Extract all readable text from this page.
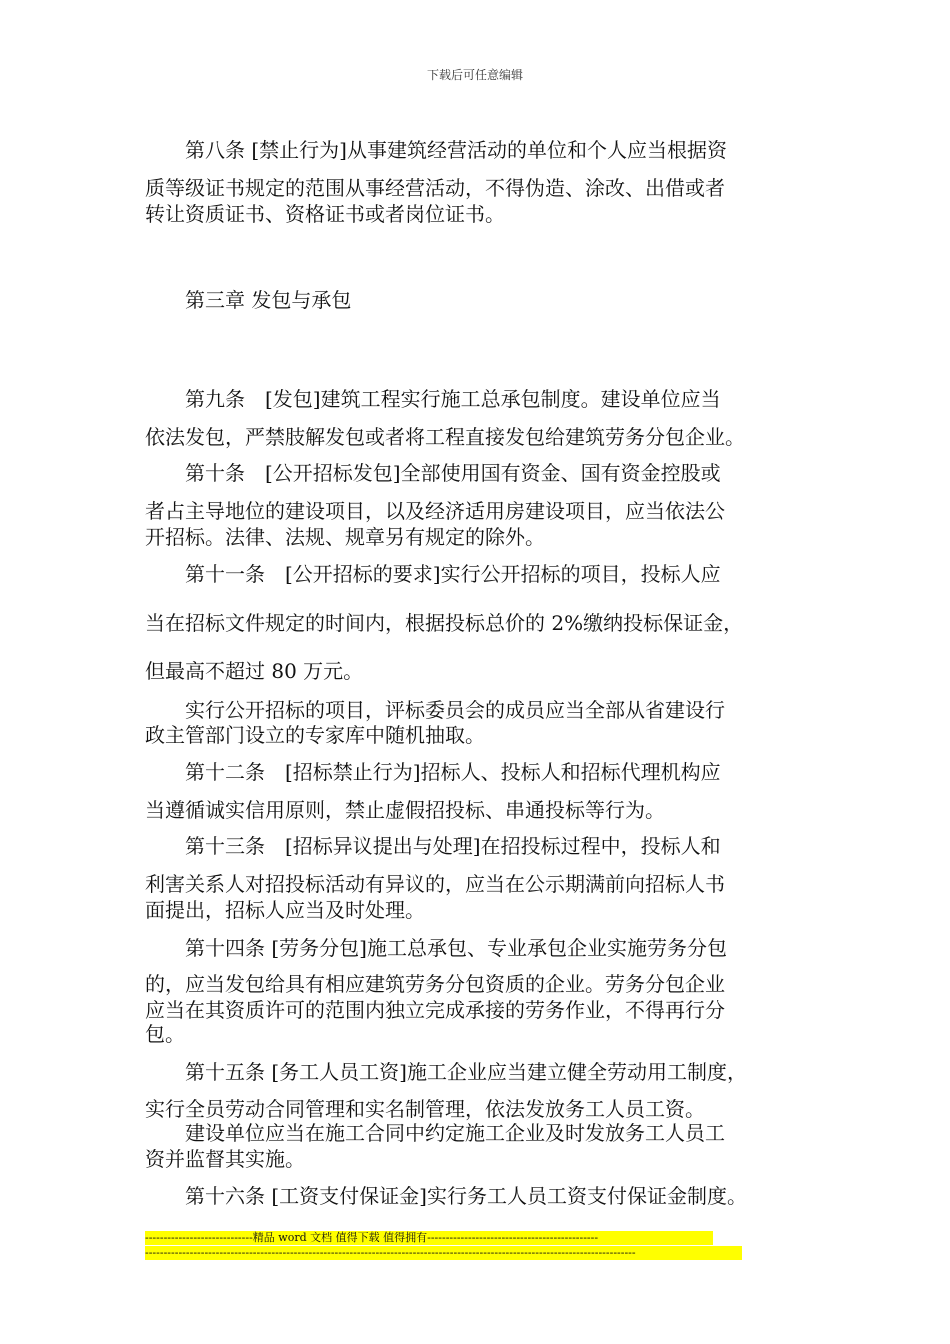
下载后可任意编辑
　　第八条 [禁止行为]从事建筑经营活动的单位和个人应当根据资
质等级证书规定的范围从事经营活动，不得伪造、涂改、出借或者
转让资质证书、资格证书或者岗位证书。
　　第三章 发包与承包
　　第九条　[发包]建筑工程实行施工总承包制度。建设单位应当
依法发包，严禁肢解发包或者将工程直接发包给建筑劳务分包企业。
　　第十条　[公开招标发包]全部使用国有资金、国有资金控股或
者占主导地位的建设项目，以及经济适用房建设项目，应当依法公
开招标。法律、法规、规章另有规定的除外。
　　第十一条　[公开招标的要求]实行公开招标的项目，投标人应
当在招标文件规定的时间内，根据投标总价的 2%缴纳投标保证金，
但最高不超过 80 万元。
　　实行公开招标的项目，评标委员会的成员应当全部从省建设行
政主管部门设立的专家库中随机抽取。
　　第十二条　[招标禁止行为]招标人、投标人和招标代理机构应
当遵循诚实信用原则，禁止虚假招投标、串通投标等行为。
　　第十三条　[招标异议提出与处理]在招投标过程中，投标人和
利害关系人对招投标活动有异议的，应当在公示期满前向招标人书
面提出，招标人应当及时处理。
　　第十四条 [劳务分包]施工总承包、专业承包企业实施劳务分包
的，应当发包给具有相应建筑劳务分包资质的企业。劳务分包企业
应当在其资质许可的范围内独立完成承接的劳务作业，不得再行分
包。
　　第十五条 [务工人员工资]施工企业应当建立健全劳动用工制度，
实行全员劳动合同管理和实名制管理，依法发放务工人员工资。
　　建设单位应当在施工合同中约定施工企业及时发放务工人员工
资并监督其实施。
　　第十六条 [工资支付保证金]实行务工人员工资支付保证金制度。
-----------------------------精品 word 文档 值得下载 值得拥有----------------------------------------------
------------------------------------------------------------------------------------------------------------------------------------
